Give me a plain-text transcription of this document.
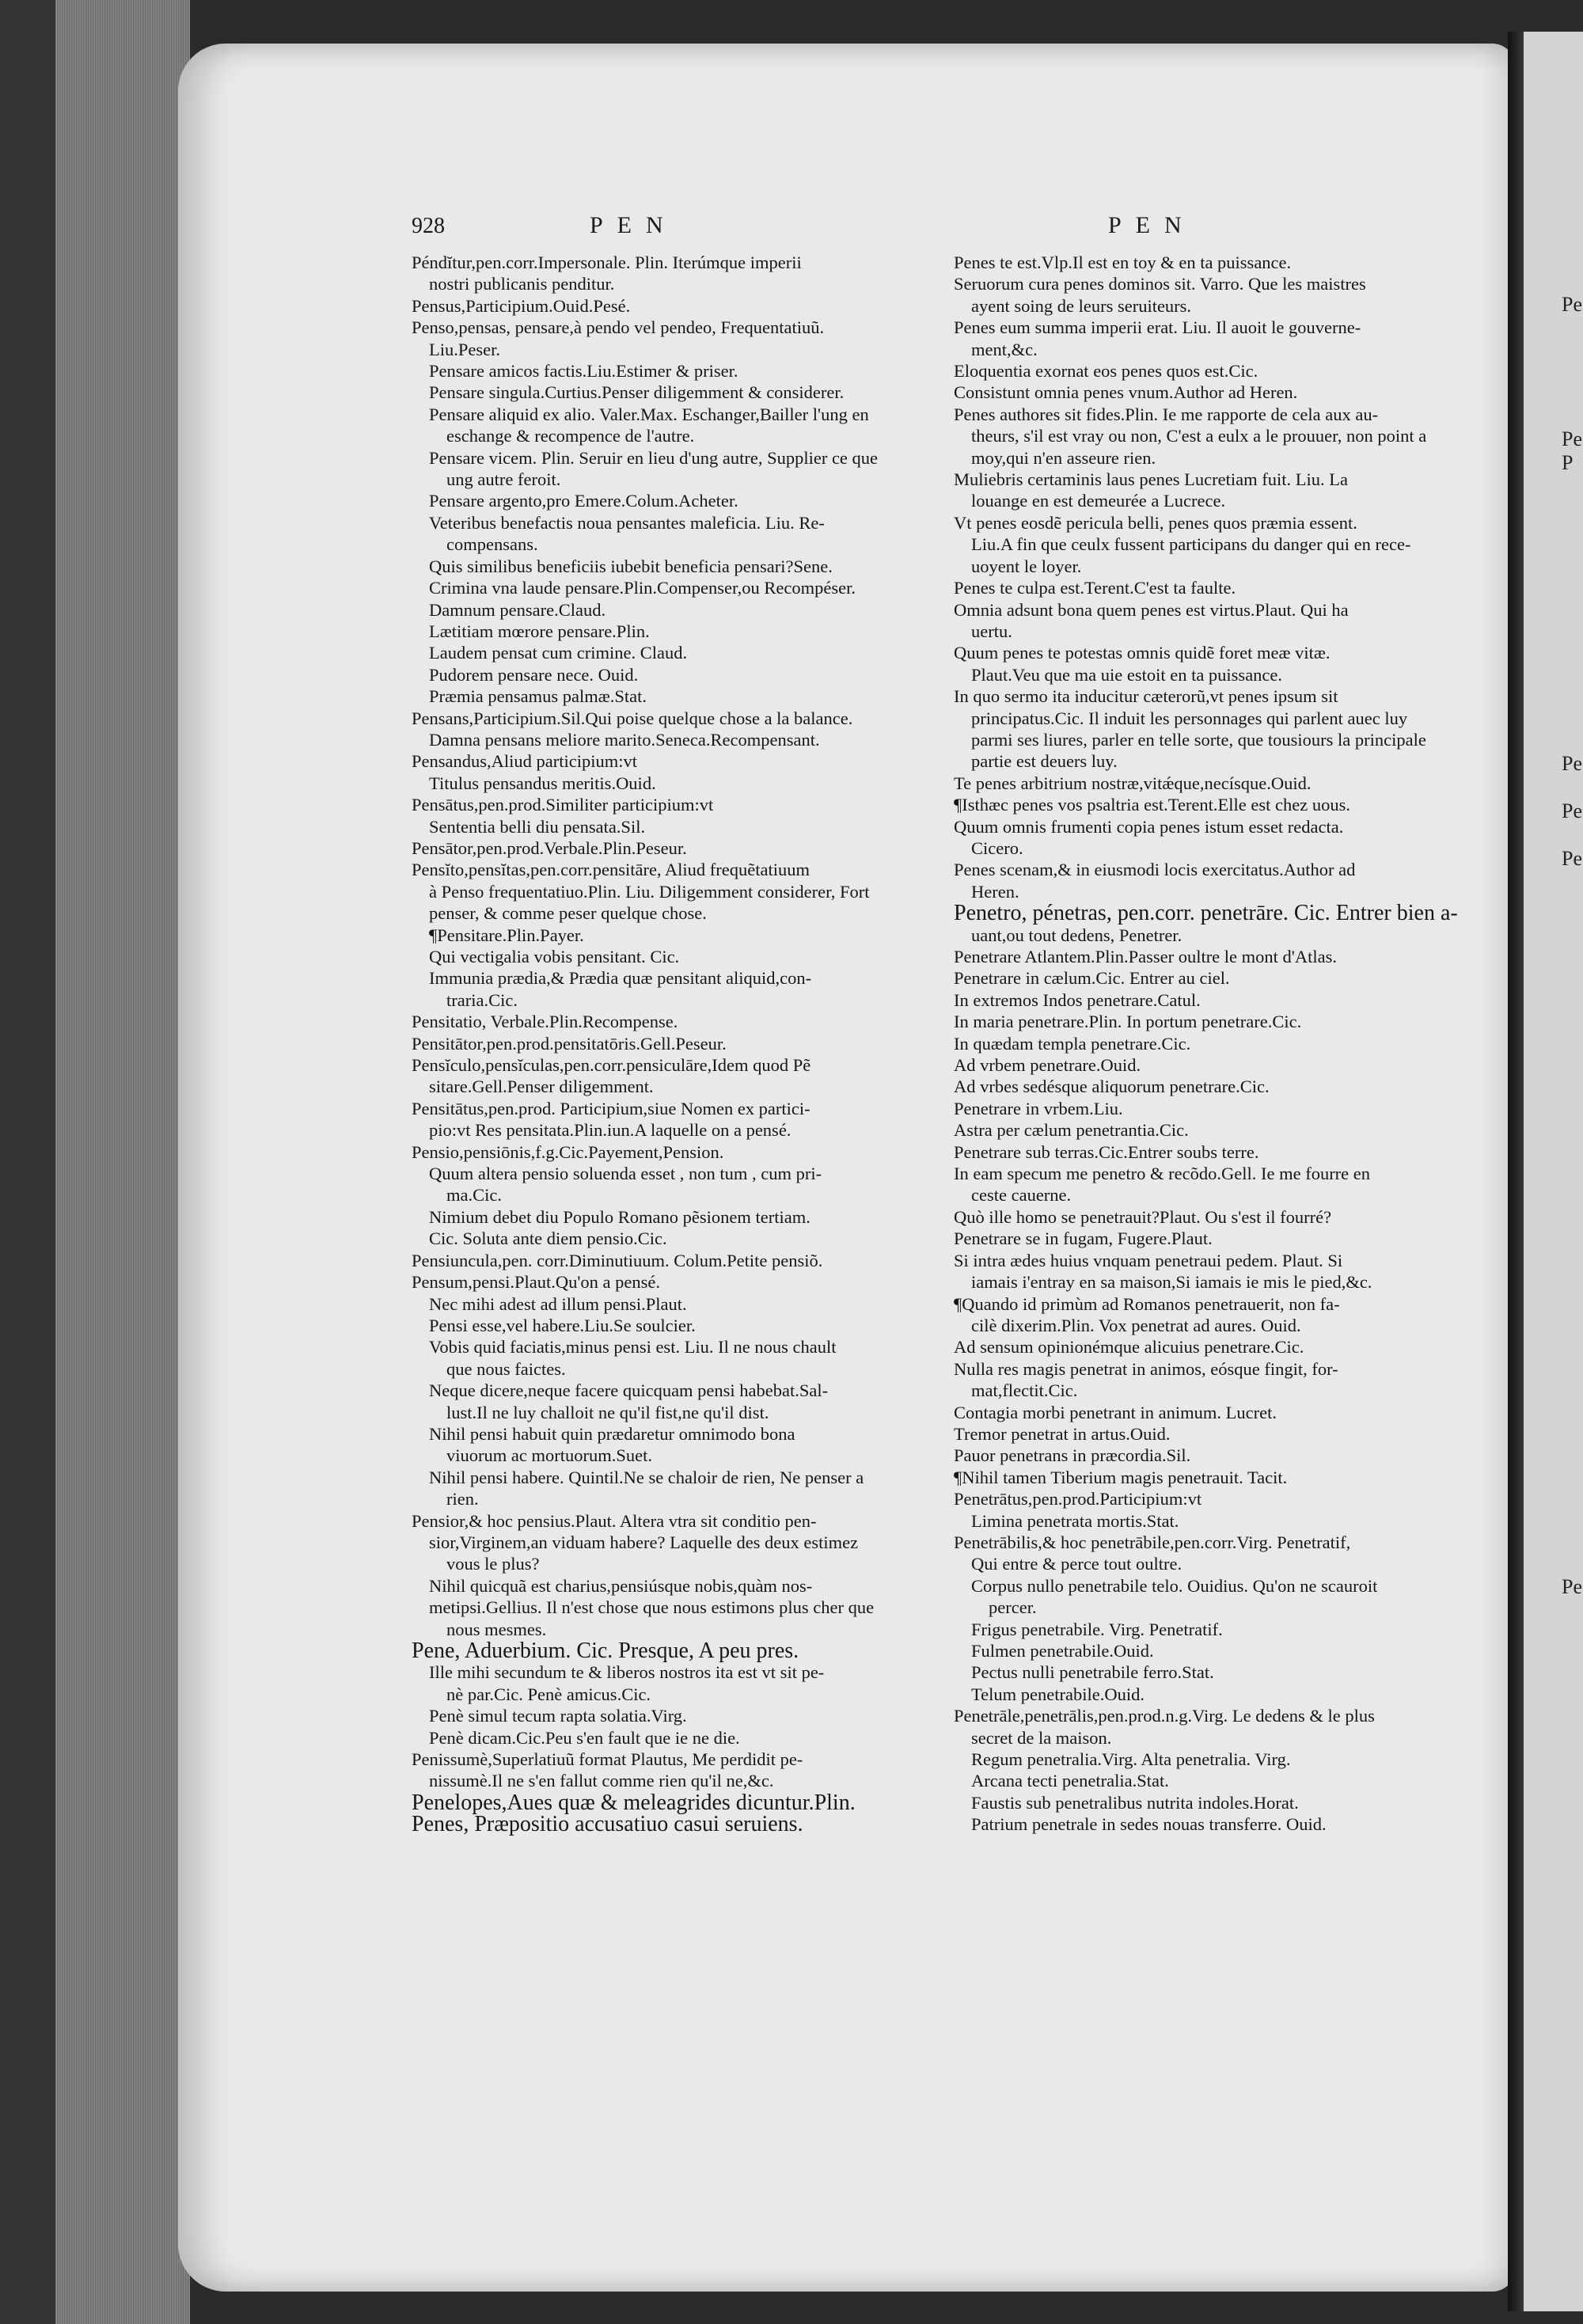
Pe
Pe
P
Pe
Pe
Pe
Pe
928	PEN	PEN
Péndĭtur,pen.corr.Impersonale. Plin. Iterúmque imperii
nostri publicanis penditur.
Pensus,Participium.Ouid.Pesé.
Penso,pensas, pensare,à pendo vel pendeo, Frequentatiuũ.
Liu.Peser.
Pensare amicos factis.Liu.Estimer & priser.
Pensare singula.Curtius.Penser diligemment & considerer.
Pensare aliquid ex alio. Valer.Max. Eschanger,Bailler l'ung en
eschange & recompence de l'autre.
Pensare vicem. Plin. Seruir en lieu d'ung autre, Supplier ce que
ung autre feroit.
Pensare argento,pro Emere.Colum.Acheter.
Veteribus benefactis noua pensantes maleficia. Liu. Re-
compensans.
Quis similibus beneficiis iubebit beneficia pensari?Sene.
Crimina vna laude pensare.Plin.Compenser,ou Recompéser.
Damnum pensare.Claud.
Lætitiam mœrore pensare.Plin.
Laudem pensat cum crimine. Claud.
Pudorem pensare nece. Ouid.
Præmia pensamus palmæ.Stat.
Pensans,Participium.Sil.Qui poise quelque chose a la balance.
Damna pensans meliore marito.Seneca.Recompensant.
Pensandus,Aliud participium:vt
Titulus pensandus meritis.Ouid.
Pensātus,pen.prod.Similiter participium:vt
Sententia belli diu pensata.Sil.
Pensātor,pen.prod.Verbale.Plin.Peseur.
Pensĭto,pensĭtas,pen.corr.pensitāre, Aliud frequẽtatiuum
à Penso frequentatiuo.Plin. Liu. Diligemment considerer, Fort
penser, & comme peser quelque chose.
¶Pensitare.Plin.Payer.
Qui vectigalia vobis pensitant. Cic.
Immunia prædia,& Prædia quæ pensitant aliquid,con-
traria.Cic.
Pensitatio, Verbale.Plin.Recompense.
Pensitātor,pen.prod.pensitatōris.Gell.Peseur.
Pensĭculo,pensĭculas,pen.corr.pensiculāre,Idem quod Pẽ
sitare.Gell.Penser diligemment.
Pensitātus,pen.prod. Participium,siue Nomen ex partici-
pio:vt Res pensitata.Plin.iun.A laquelle on a pensé.
Pensio,pensiōnis,f.g.Cic.Payement,Pension.
Quum altera pensio soluenda esset , non tum , cum pri-
ma.Cic.
Nimium debet diu Populo Romano pẽsionem tertiam.
Cic. Soluta ante diem pensio.Cic.
Pensiuncula,pen. corr.Diminutiuum. Colum.Petite pensiõ.
Pensum,pensi.Plaut.Qu'on a pensé.
Nec mihi adest ad illum pensi.Plaut.
Pensi esse,vel habere.Liu.Se soulcier.
Vobis quid faciatis,minus pensi est. Liu. Il ne nous chault
que nous faictes.
Neque dicere,neque facere quicquam pensi habebat.Sal-
lust.Il ne luy challoit ne qu'il fist,ne qu'il dist.
Nihil pensi habuit quin prædaretur omnimodo bona
viuorum ac mortuorum.Suet.
Nihil pensi habere. Quintil.Ne se chaloir de rien, Ne penser a
rien.
Pensior,& hoc pensius.Plaut. Altera vtra sit conditio pen-
sior,Virginem,an viduam habere? Laquelle des deux estimez
vous le plus?
Nihil quicquã est charius,pensiúsque nobis,quàm nos-
metipsi.Gellius. Il n'est chose que nous estimons plus cher que
nous mesmes.
Pene, Aduerbium. Cic. Presque, A peu pres.
Ille mihi secundum te & liberos nostros ita est vt sit pe-
nè par.Cic. Penè amicus.Cic.
Penè simul tecum rapta solatia.Virg.
Penè dicam.Cic.Peu s'en fault que ie ne die.
Penissumè,Superlatiuũ format Plautus, Me perdidit pe-
nissumè.Il ne s'en fallut comme rien qu'il ne,&c.
Penelopes,Aues quæ & meleagrides dicuntur.Plin.
Penes, Præpositio accusatiuo casui seruiens.
Penes te est.Vlp.Il est en toy & en ta puissance.
Seruorum cura penes dominos sit. Varro. Que les maistres
ayent soing de leurs seruiteurs.
Penes eum summa imperii erat. Liu. Il auoit le gouverne-
ment,&c.
Eloquentia exornat eos penes quos est.Cic.
Consistunt omnia penes vnum.Author ad Heren.
Penes authores sit fides.Plin. Ie me rapporte de cela aux au-
theurs, s'il est vray ou non, C'est a eulx a le prouuer, non point a
moy,qui n'en asseure rien.
Muliebris certaminis laus penes Lucretiam fuit. Liu. La
louange en est demeurée a Lucrece.
Vt penes eosdẽ pericula belli, penes quos præmia essent.
Liu.A fin que ceulx fussent participans du danger qui en rece-
uoyent le loyer.
Penes te culpa est.Terent.C'est ta faulte.
Omnia adsunt bona quem penes est virtus.Plaut. Qui ha
uertu.
Quum penes te potestas omnis quidẽ foret meæ vitæ.
Plaut.Veu que ma uie estoit en ta puissance.
In quo sermo ita inducitur cæterorũ,vt penes ipsum sit
principatus.Cic. Il induit les personnages qui parlent auec luy
parmi ses liures, parler en telle sorte, que tousiours la principale
partie est deuers luy.
Te penes arbitrium nostræ,vitǽque,necísque.Ouid.
¶Isthæc penes vos psaltria est.Terent.Elle est chez uous.
Quum omnis frumenti copia penes istum esset redacta.
Cicero.
Penes scenam,& in eiusmodi locis exercitatus.Author ad
Heren.
Penetro, pénetras, pen.corr. penetrāre. Cic. Entrer bien a-
uant,ou tout dedens, Penetrer.
Penetrare Atlantem.Plin.Passer oultre le mont d'Atlas.
Penetrare in cælum.Cic. Entrer au ciel.
In extremos Indos penetrare.Catul.
In maria penetrare.Plin. In portum penetrare.Cic.
In quædam templa penetrare.Cic.
Ad vrbem penetrare.Ouid.
Ad vrbes sedésque aliquorum penetrare.Cic.
Penetrare in vrbem.Liu.
Astra per cælum penetrantia.Cic.
Penetrare sub terras.Cic.Entrer soubs terre.
In eam specum me penetro & recõdo.Gell. Ie me fourre en
ceste cauerne.
Quò ille homo se penetrauit?Plaut. Ou s'est il fourré?
Penetrare se in fugam, Fugere.Plaut.
Si intra ædes huius vnquam penetraui pedem. Plaut. Si
iamais i'entray en sa maison,Si iamais ie mis le pied,&c.
¶Quando id primùm ad Romanos penetrauerit, non fa-
cilè dixerim.Plin. Vox penetrat ad aures. Ouid.
Ad sensum opinionémque alicuius penetrare.Cic.
Nulla res magis penetrat in animos, eósque fingit, for-
mat,flectit.Cic.
Contagia morbi penetrant in animum. Lucret.
Tremor penetrat in artus.Ouid.
Pauor penetrans in præcordia.Sil.
¶Nihil tamen Tiberium magis penetrauit. Tacit.
Penetrātus,pen.prod.Participium:vt
Limina penetrata mortis.Stat.
Penetrābilis,& hoc penetrābile,pen.corr.Virg. Penetratif,
Qui entre & perce tout oultre.
Corpus nullo penetrabile telo. Ouidius. Qu'on ne scauroit
percer.
Frigus penetrabile. Virg. Penetratif.
Fulmen penetrabile.Ouid.
Pectus nulli penetrabile ferro.Stat.
Telum penetrabile.Ouid.
Penetrāle,penetrālis,pen.prod.n.g.Virg. Le dedens & le plus
secret de la maison.
Regum penetralia.Virg. Alta penetralia. Virg.
Arcana tecti penetralia.Stat.
Faustis sub penetralibus nutrita indoles.Horat.
Patrium penetrale in sedes nouas transferre. Ouid.
